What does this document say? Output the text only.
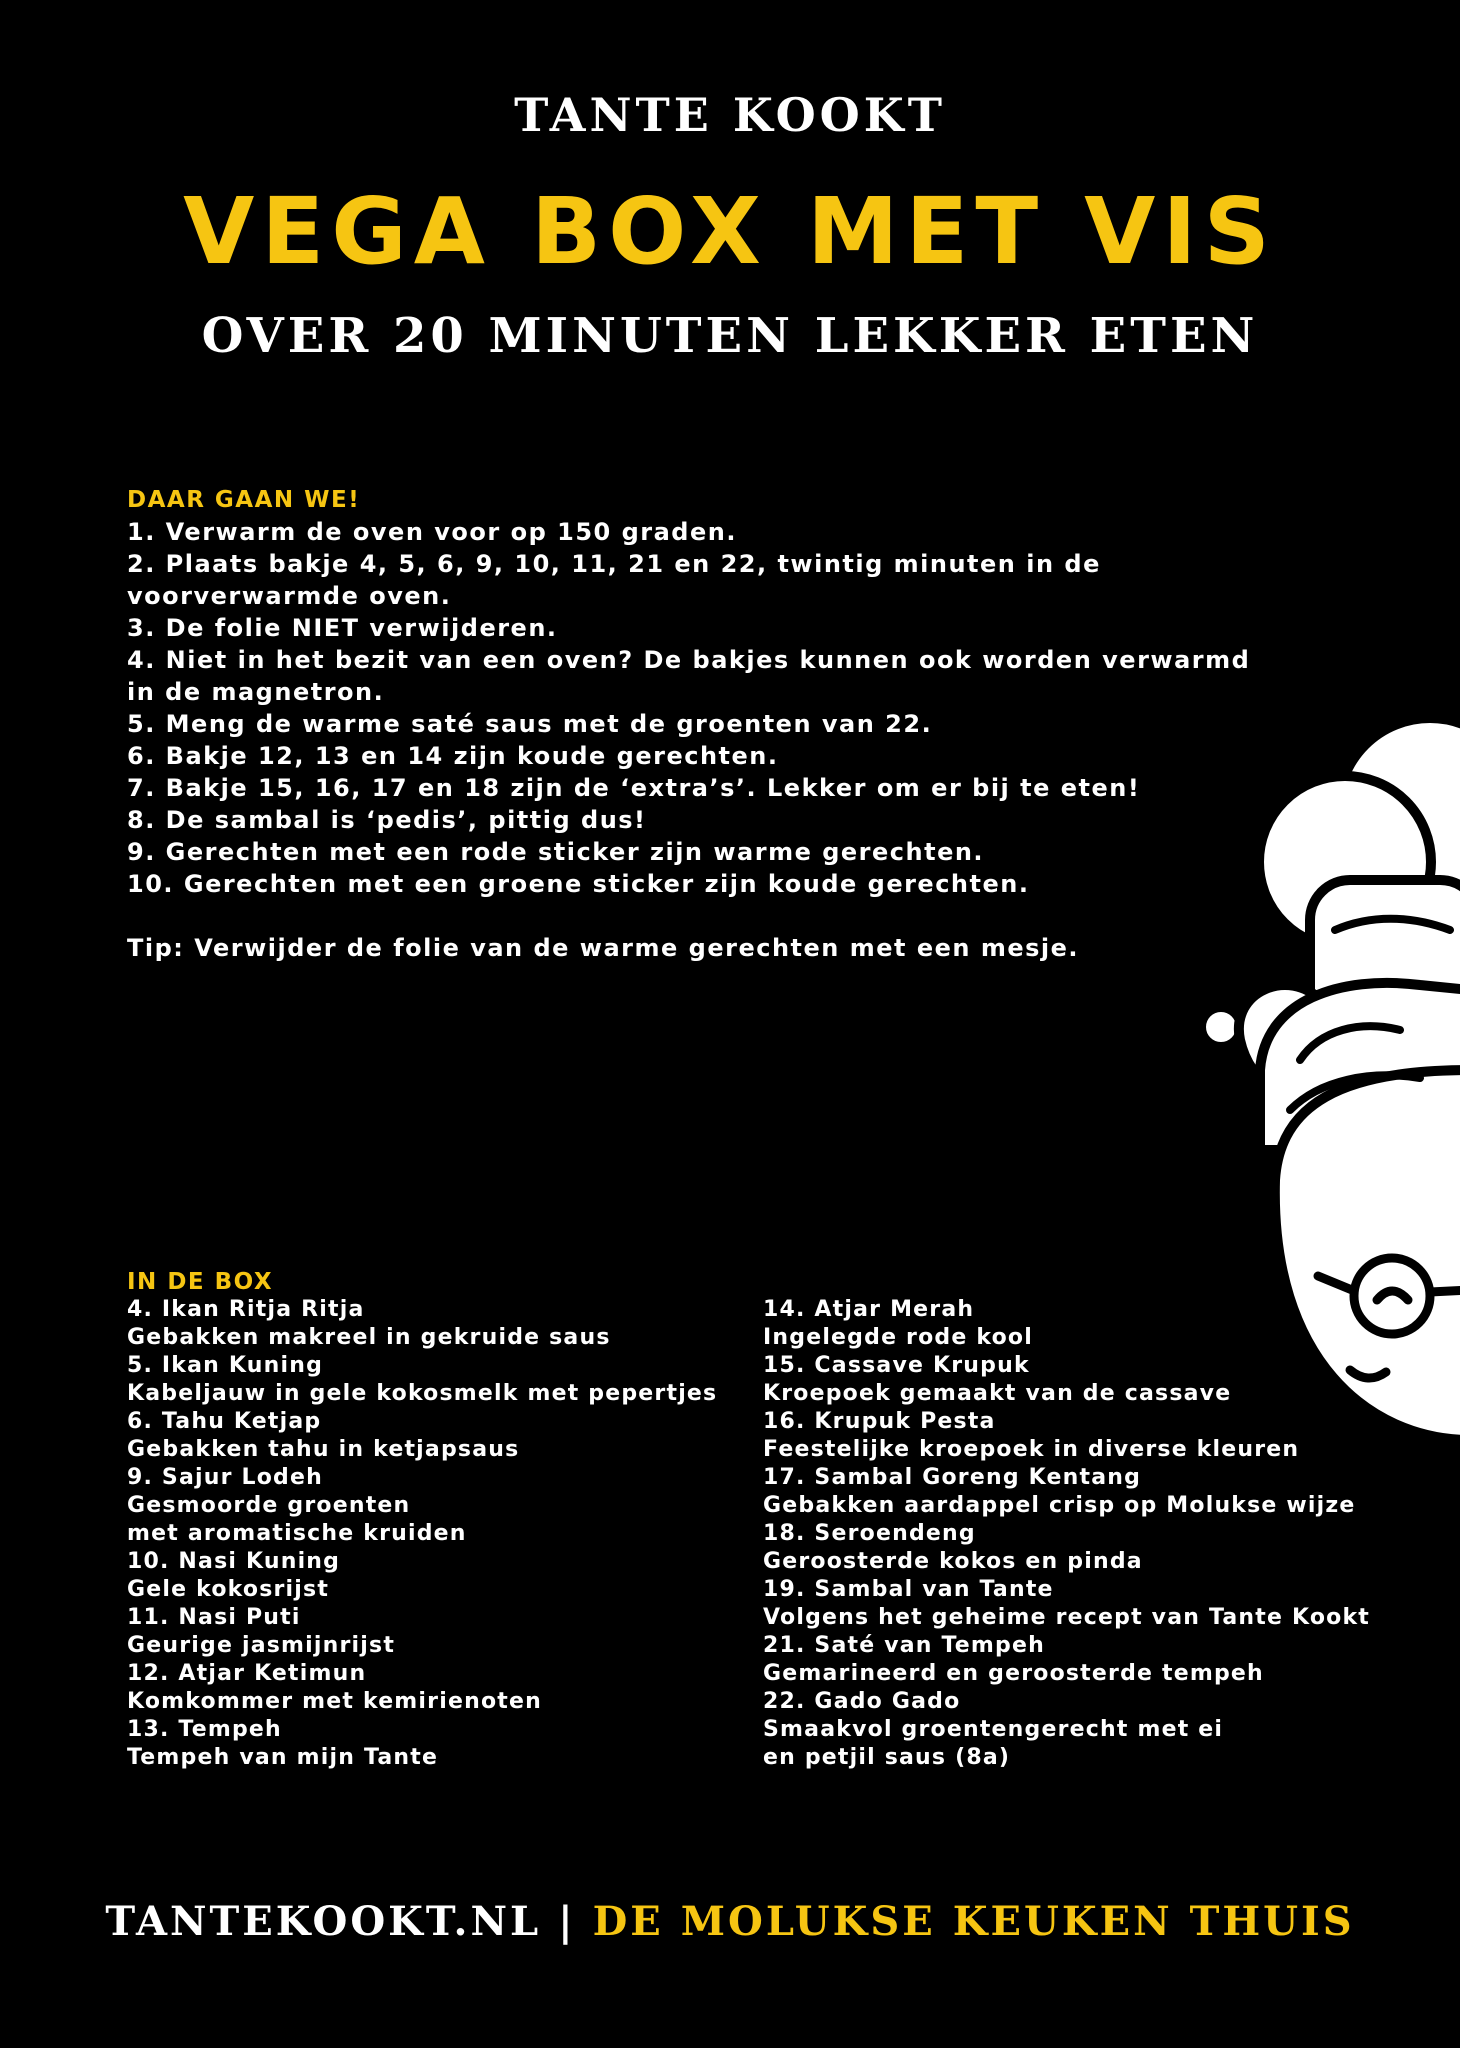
TANTE KOOKT
VEGA BOX MET VIS
OVER 20 MINUTEN LEKKER ETEN
DAAR GAAN WE!
1. Verwarm de oven voor op 150 graden.
2. Plaats bakje 4, 5, 6, 9, 10, 11, 21 en 22, twintig minuten in de voorverwarmde oven.
3. De folie NIET verwijderen.
4. Niet in het bezit van een oven? De bakjes kunnen ook worden verwarmd in de magnetron.
5. Meng de warme saté saus met de groenten van 22.
6. Bakje 12, 13 en 14 zijn koude gerechten.
7. Bakje 15, 16, 17 en 18 zijn de ‘extra’s’. Lekker om er bij te eten!
8. De sambal is ‘pedis’, pittig dus!
9. Gerechten met een rode sticker zijn warme gerechten.
10. Gerechten met een groene sticker zijn koude gerechten.
Tip: Verwijder de folie van de warme gerechten met een mesje.
IN DE BOX
4. Ikan Ritja Ritja
Gebakken makreel in gekruide saus
5. Ikan Kuning
Kabeljauw in gele kokosmelk met pepertjes
6. Tahu Ketjap
Gebakken tahu in ketjapsaus
9. Sajur Lodeh
Gesmoorde groenten
met aromatische kruiden
10. Nasi Kuning
Gele kokosrijst
11. Nasi Puti
Geurige jasmijnrijst
12. Atjar Ketimun
Komkommer met kemirienoten
13. Tempeh
Tempeh van mijn Tante
14. Atjar Merah
Ingelegde rode kool
15. Cassave Krupuk
Kroepoek gemaakt van de cassave
16. Krupuk Pesta
Feestelijke kroepoek in diverse kleuren
17. Sambal Goreng Kentang
Gebakken aardappel crisp op Molukse wijze
18. Seroendeng
Geroosterde kokos en pinda
19. Sambal van Tante
Volgens het geheime recept van Tante Kookt
21. Saté van Tempeh
Gemarineerd en geroosterde tempeh
22. Gado Gado
Smaakvol groentengerecht met ei
en petjil saus (8a)
TANTEKOOKT.NL | DE MOLUKSE KEUKEN THUIS
